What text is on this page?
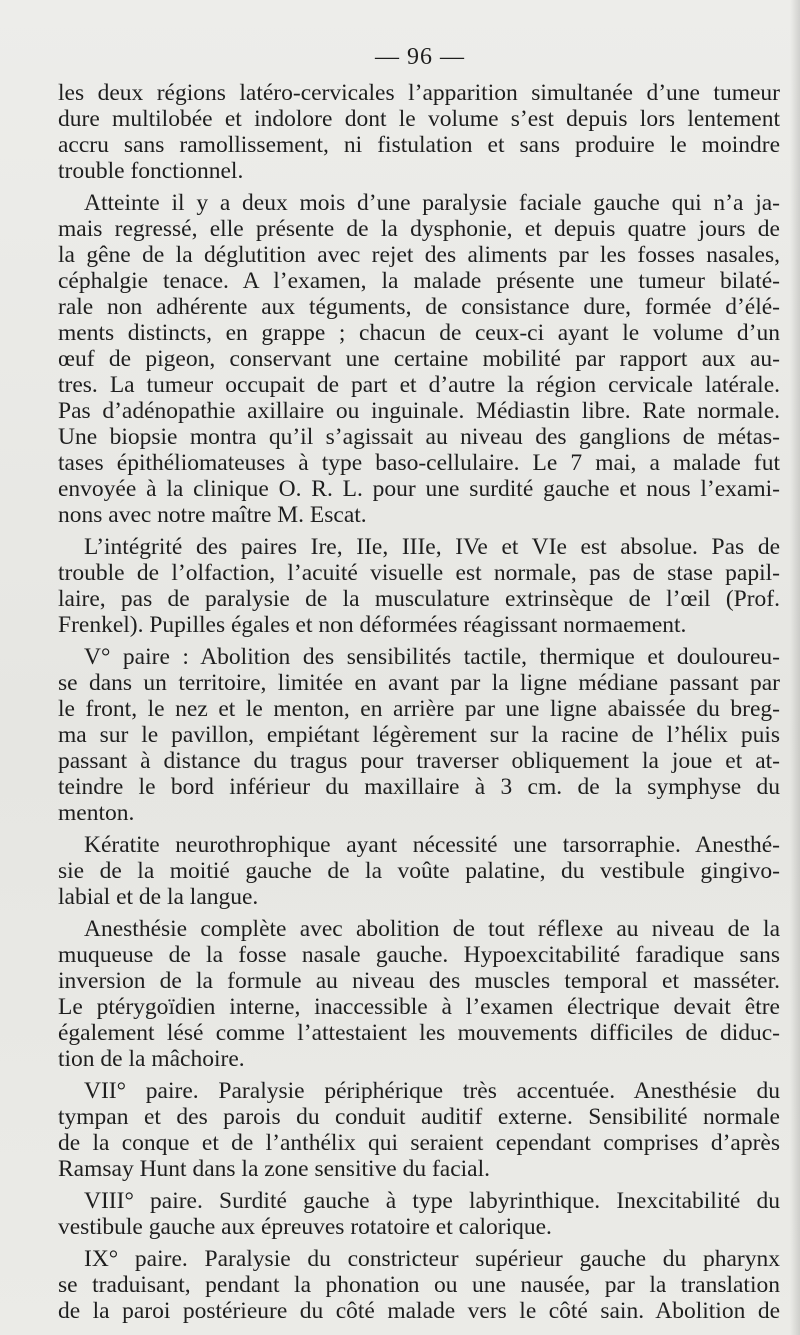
— 96 —
les deux régions latéro-cervicales l’apparition simultanée d’une tumeur
dure multilobée et indolore dont le volume s’est depuis lors lentement
accru sans ramollissement, ni fistulation et sans produire le moindre
trouble fonctionnel.
Atteinte il y a deux mois d’une paralysie faciale gauche qui n’a ja-
mais regressé, elle présente de la dysphonie, et depuis quatre jours de
la gêne de la déglutition avec rejet des aliments par les fosses nasales,
céphalgie tenace. A l’examen, la malade présente une tumeur bilaté-
rale non adhérente aux téguments, de consistance dure, formée d’élé-
ments distincts, en grappe ; chacun de ceux-ci ayant le volume d’un
œuf de pigeon, conservant une certaine mobilité par rapport aux au-
tres. La tumeur occupait de part et d’autre la région cervicale latérale.
Pas d’adénopathie axillaire ou inguinale. Médiastin libre. Rate normale.
Une biopsie montra qu’il s’agissait au niveau des ganglions de métas-
tases épithéliomateuses à type baso-cellulaire. Le 7 mai, a malade fut
envoyée à la clinique O. R. L. pour une surdité gauche et nous l’exami-
nons avec notre maître M. Escat.
L’intégrité des paires Ire, IIe, IIIe, IVe et VIe est absolue. Pas de
trouble de l’olfaction, l’acuité visuelle est normale, pas de stase papil-
laire, pas de paralysie de la musculature extrinsèque de l’œil (Prof.
Frenkel). Pupilles égales et non déformées réagissant normaement.
V° paire : Abolition des sensibilités tactile, thermique et douloureu-
se dans un territoire, limitée en avant par la ligne médiane passant par
le front, le nez et le menton, en arrière par une ligne abaissée du breg-
ma sur le pavillon, empiétant légèrement sur la racine de l’hélix puis
passant à distance du tragus pour traverser obliquement la joue et at-
teindre le bord inférieur du maxillaire à 3 cm. de la symphyse du
menton.
Kératite neurothrophique ayant nécessité une tarsorraphie. Anesthé-
sie de la moitié gauche de la voûte palatine, du vestibule gingivo-
labial et de la langue.
Anesthésie complète avec abolition de tout réflexe au niveau de la
muqueuse de la fosse nasale gauche. Hypoexcitabilité faradique sans
inversion de la formule au niveau des muscles temporal et masséter.
Le ptérygoïdien interne, inaccessible à l’examen électrique devait être
également lésé comme l’attestaient les mouvements difficiles de diduc-
tion de la mâchoire.
VII° paire. Paralysie périphérique très accentuée. Anesthésie du
tympan et des parois du conduit auditif externe. Sensibilité normale
de la conque et de l’anthélix qui seraient cependant comprises d’après
Ramsay Hunt dans la zone sensitive du facial.
VIII° paire. Surdité gauche à type labyrinthique. Inexcitabilité du
vestibule gauche aux épreuves rotatoire et calorique.
IX° paire. Paralysie du constricteur supérieur gauche du pharynx
se traduisant, pendant la phonation ou une nausée, par la translation
de la paroi postérieure du côté malade vers le côté sain. Abolition de
